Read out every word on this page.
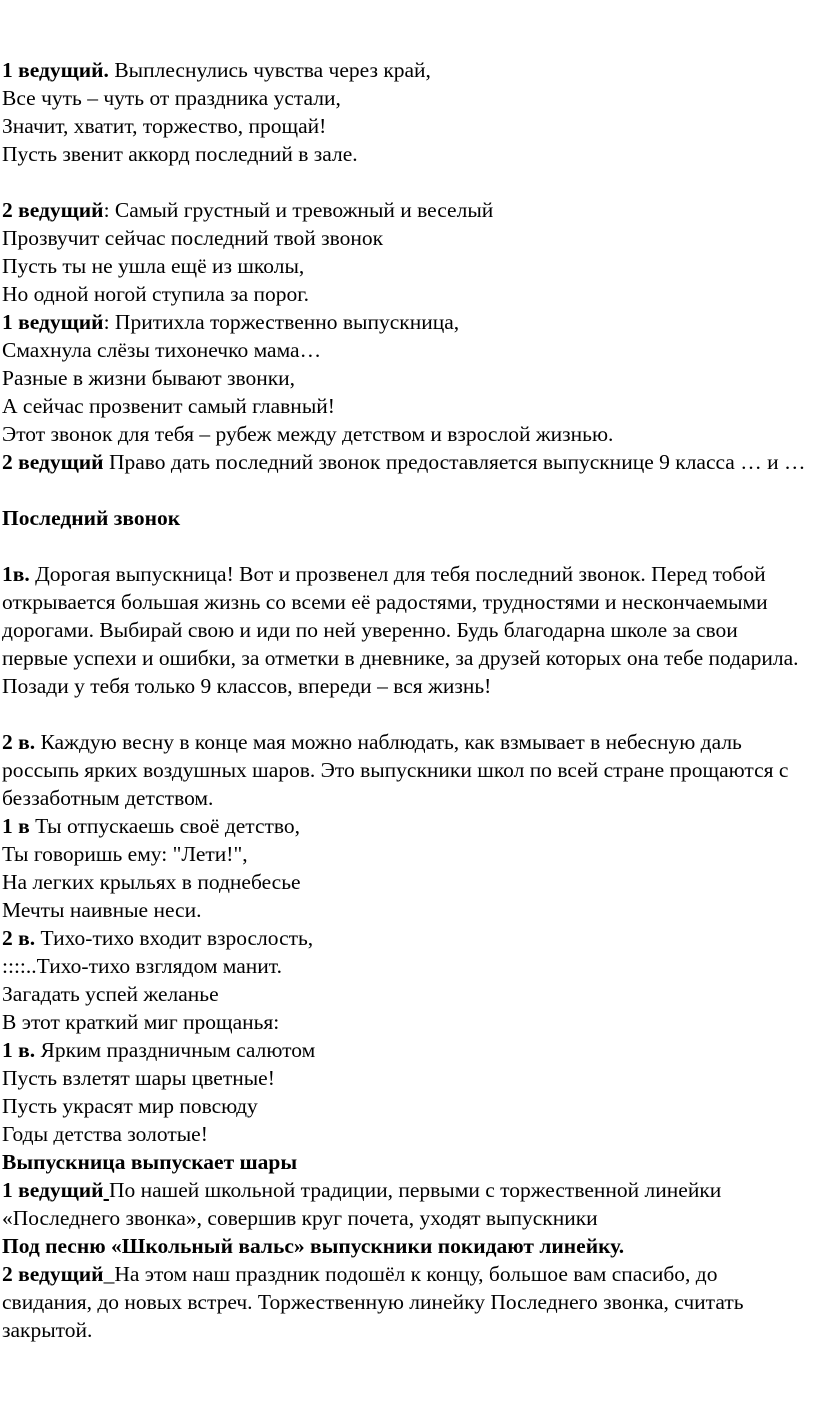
1 ведущий. Выплеснулись чувства через край,
Все чуть – чуть от праздника устали,
Значит, хватит, торжество, прощай!
Пусть звенит аккорд последний в зале.
2 ведущий: Самый грустный и тревожный и веселый
Прозвучит сейчас последний твой звонок
Пусть ты не ушла ещё из школы,
Но одной ногой ступила за порог.
1 ведущий: Притихла торжественно выпускница,
Смахнула слёзы тихонечко мама…
Разные в жизни бывают звонки,
А сейчас прозвенит самый главный!
Этот звонок для тебя – рубеж между детством и взрослой жизнью.
2 ведущий Право дать последний звонок предоставляется выпускнице 9 класса … и …
Последний звонок
1в. Дорогая выпускница! Вот и прозвенел для тебя последний звонок. Перед тобой открывается большая жизнь со всеми её радостями, трудностями и нескончаемыми дорогами. Выбирай свою и иди по ней уверенно. Будь благодарна школе за свои первые успехи и ошибки, за отметки в дневнике, за друзей которых она тебе подарила. Позади у тебя только 9 классов, впереди – вся жизнь!
2 в. Каждую весну в конце мая можно наблюдать, как взмывает в небесную даль россыпь ярких воздушных шаров. Это выпускники школ по всей стране прощаются с беззаботным детством.
1 в Ты отпускаешь своё детство,
Ты говоришь ему: "Лети!",
На легких крыльях в поднебесье
Мечты наивные неси.
2 в. Тихо-тихо входит взрослость,
::::..Тихо-тихо взглядом манит.
Загадать успей желанье
В этот краткий миг прощанья:
1 в. Ярким праздничным салютом
Пусть взлетят шары цветные!
Пусть украсят мир повсюду
Годы детства золотые!
Выпускница выпускает шары
1 ведущий По нашей школьной традиции, первыми с торжественной линейки «Последнего звонка», совершив круг почета, уходят выпускники
Под песню «Школьный вальс» выпускники покидают линейку.
2 ведущий_На этом наш праздник подошёл к концу, большое вам спасибо, до свидания, до новых встреч. Торжественную линейку Последнего звонка, считать закрытой.
